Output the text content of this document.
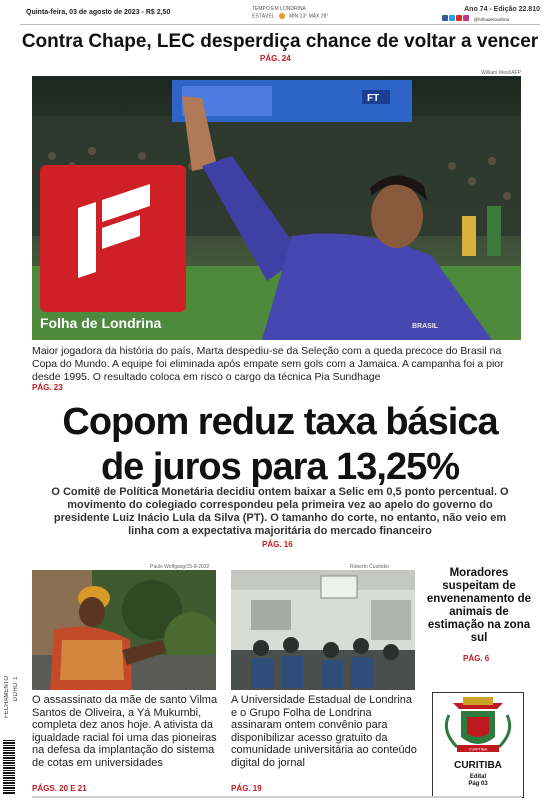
Quinta-feira, 03 de agosto de 2023 - R$ 2,50	TEMPO EM LONDRINA
ESTÁVEL	MÍN 13° MÁX 28°
Ano 74 - Edição 22.810
@folhadelondrina
Contra Chape, LEC desperdiça chance de voltar a vencer
PÁG. 24
William West/AFP
FT
BRASIL
Folha de Londrina
Maior jogadora da história do país, Marta despediu-se da Seleção com a queda precoce do Brasil na Copa do Mundo. A equipe foi eliminada após empate sem gols com a Jamaica. A campanha foi a pior desde 1995. O resultado coloca em risco o cargo da técnica Pia Sundhage
PÁG. 23
Copom reduz taxa básica
de juros para 13,25%
O Comitê de Política Monetária decidiu ontem baixar a Selic em 0,5 ponto percentual. O movimento do colegiado correspondeu pela primeira vez ao apelo do governo do presidente Luiz Inácio Lula da Silva (PT). O tamanho do corte, no entanto, não veio em linha com a expectativa majoritária do mercado financeiro
PÁG. 16
Paulo Wolfgang/15-8-2022
O assassinato da mãe de santo Vilma Santos de Oliveira, a Yá Mukumbi, completa dez anos hoje. A ativista da igualdade racial foi uma das pioneiras na defesa da implantação do sistema de cotas em universidades
PÁGS. 20 E 21
Roberto Custódio
A Universidade Estadual de Londrina e o Grupo Folha de Londrina assinaram ontem convênio para disponibilizar acesso gratuito da comunidade universitária ao conteúdo digital do jornal
PÁG. 19
Moradores suspeitam de envenenamento de animais de estimação na zona sul
PÁG. 6
FECHAMENTO DDHD 1
CURITIBA
CURITIBA
Edital
Pág 03
